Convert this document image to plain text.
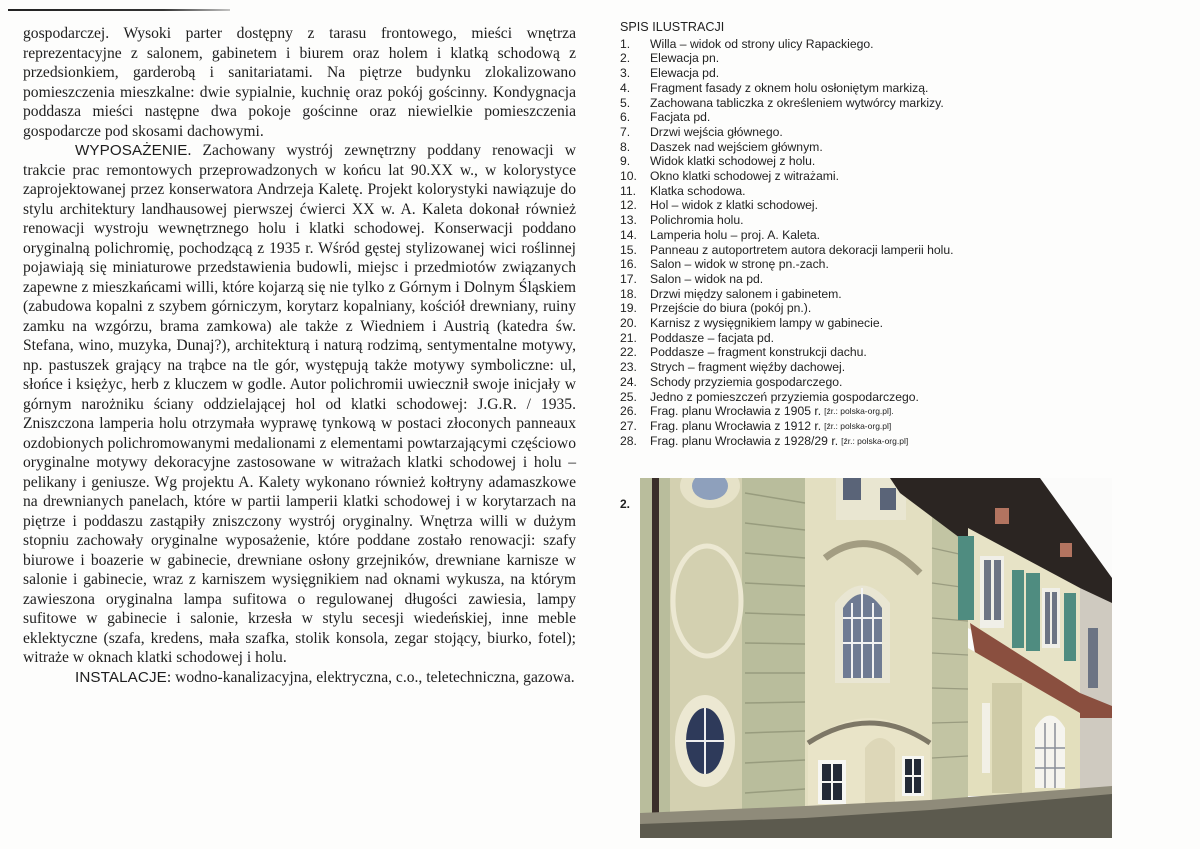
gospodarczej. Wysoki parter dostępny z tarasu frontowego, mieści wnętrza reprezentacyjne z salonem, gabinetem i biurem oraz holem i klatką schodową z przedsionkiem, garderobą i sanitariatami. Na piętrze budynku zlokalizowano pomieszczenia mieszkalne: dwie sypialnie, kuchnię oraz pokój gościnny. Kondygnacja poddasza mieści następne dwa pokoje gościnne oraz niewielkie pomieszczenia gospodarcze pod skosami dachowymi.

WYPOSAŻENIE. Zachowany wystrój zewnętrzny poddany renowacji w trakcie prac remontowych przeprowadzonych w końcu lat 90.XX w., w kolorystyce zaprojektowanej przez konserwatora Andrzeja Kaletę. Projekt kolorystyki nawiązuje do stylu architektury landhausowej pierwszej ćwierci XX w. A. Kaleta dokonał również renowacji wystroju wewnętrznego holu i klatki schodowej. Konserwacji poddano oryginalną polichromię, pochodzącą z 1935 r. Wśród gęstej stylizowanej wici roślinnej pojawiają się miniaturowe przedstawienia budowli, miejsc i przedmiotów związanych zapewne z mieszkańcami willi, które kojarzą się nie tylko z Górnym i Dolnym Śląskiem (zabudowa kopalni z szybem górniczym, korytarz kopalniany, kościół drewniany, ruiny zamku na wzgórzu, brama zamkowa) ale także z Wiedniem i Austrią (katedra św. Stefana, wino, muzyka, Dunaj?), architekturą i naturą rodzimą, sentymentalne motywy, np. pastuszek grający na trąbce na tle gór, występują także motywy symboliczne: ul, słońce i księżyc, herb z kluczem w godle. Autor polichromii uwiecznił swoje inicjały w górnym narożniku ściany oddzielającej hol od klatki schodowej: J.G.R. / 1935. Zniszczona lamperia holu otrzymała wyprawę tynkową w postaci złoconych panneaux ozdobionych polichromowanymi medalionami z elementami powtarzającymi częściowo oryginalne motywy dekoracyjne zastosowane w witrażach klatki schodowej i holu – pelikany i geniusze. Wg projektu A. Kalety wykonano również kołtryny adamaszkowe na drewnianych panelach, które w partii lamperii klatki schodowej i w korytarzach na piętrze i poddaszu zastąpiły zniszczony wystrój oryginalny. Wnętrza willi w dużym stopniu zachowały oryginalne wyposażenie, które poddane zostało renowacji: szafy biurowe i boazerie w gabinecie, drewniane osłony grzejników, drewniane karnisze w salonie i gabinecie, wraz z karniszem wysięgnikiem nad oknami wykusza, na którym zawieszona oryginalna lampa sufitowa o regulowanej długości zawiesia, lampy sufitowe w gabinecie i salonie, krzesła w stylu secesji wiedeńskiej, inne meble eklektyczne (szafa, kredens, mała szafka, stolik konsola, zegar stojący, biurko, fotel); witraże w oknach klatki schodowej i holu.

INSTALACJE: wodno-kanalizacyjna, elektryczna, c.o., teletechniczna, gazowa.

SPIS ILUSTRACJI
1.	Willa – widok od strony ulicy Rapackiego.
2.	Elewacja pn.
3.	Elewacja pd.
4.	Fragment fasady z oknem holu osłoniętym markizą.
5.	Zachowana tabliczka z określeniem wytwórcy markizy.
6.	Facjata pd.
7.	Drzwi wejścia głównego.
8.	Daszek nad wejściem głównym.
9.	Widok klatki schodowej z holu.
10.	Okno klatki schodowej z witrażami.
11.	Klatka schodowa.
12.	Hol – widok z klatki schodowej.
13.	Polichromia holu.
14.	Lamperia holu – proj. A. Kaleta.
15.	Panneau z autoportretem autora dekoracji lamperii holu.
16.	Salon – widok w stronę pn.-zach.
17.	Salon – widok na pd.
18.	Drzwi między salonem i gabinetem.
19.	Przejście do biura (pokój pn.).
20.	Karnisz z wysięgnikiem lampy w gabinecie.
21.	Poddasze – facjata pd.
22.	Poddasze – fragment konstrukcji dachu.
23.	Strych – fragment więźby dachowej.
24.	Schody przyziemia gospodarczego.
25.	Jedno z pomieszczeń przyziemia gospodarczego.
26.	Frag. planu Wrocławia z 1905 r. [źr.: polska-org.pl].
27.	Frag. planu Wrocławia z 1912 r. [źr.: polska-org.pl]
28.	Frag. planu Wrocławia z 1928/29 r. [źr.: polska-org.pl]
2.
